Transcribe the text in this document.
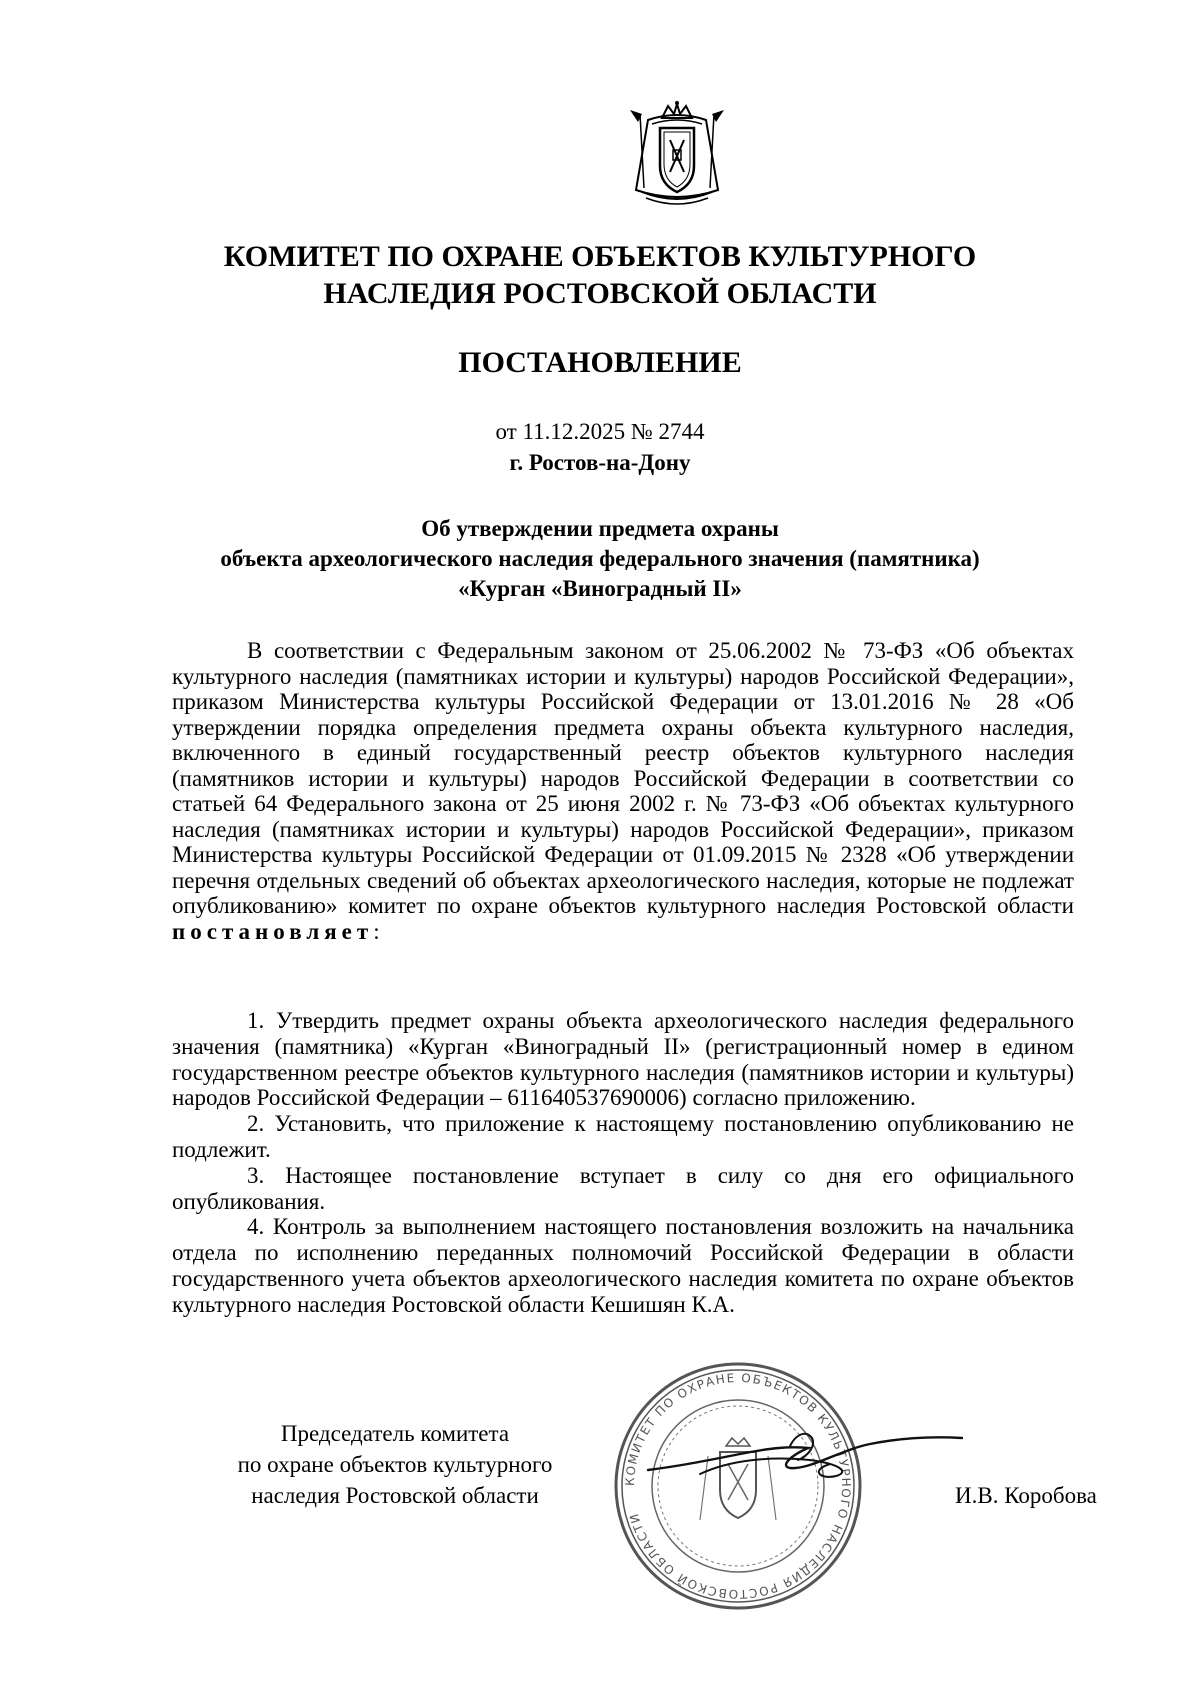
КОМИТЕТ ПО ОХРАНЕ ОБЪЕКТОВ КУЛЬТУРНОГО
НАСЛЕДИЯ РОСТОВСКОЙ ОБЛАСТИ
ПОСТАНОВЛЕНИЕ
от 11.12.2025 № 2744
г. Ростов-на-Дону
Об утверждении предмета охраны
объекта археологического наследия федерального значения (памятника)
«Курган «Виноградный II»
В соответствии с Федеральным законом от 25.06.2002 № 73-ФЗ «Об объектах культурного наследия (памятниках истории и культуры) народов Российской Федерации», приказом Министерства культуры Российской Федерации от 13.01.2016 № 28 «Об утверждении порядка определения предмета охраны объекта культурного наследия, включенного в единый государственный реестр объектов культурного наследия (памятников истории и культуры) народов Российской Федерации в соответствии со статьей 64 Федерального закона от 25 июня 2002 г. № 73-ФЗ «Об объектах культурного наследия (памятниках истории и культуры) народов Российской Федерации», приказом Министерства культуры Российской Федерации от 01.09.2015 № 2328 «Об утверждении перечня отдельных сведений об объектах археологического наследия, которые не подлежат опубликованию» комитет по охране объектов культурного наследия Ростовской области постановляет:
1. Утвердить предмет охраны объекта археологического наследия федерального значения (памятника) «Курган «Виноградный II» (регистрационный номер в едином государственном реестре объектов культурного наследия (памятников истории и культуры) народов Российской Федерации – 611640537690006) согласно приложению.
2. Установить, что приложение к настоящему постановлению опубликованию не подлежит.
3. Настоящее постановление вступает в силу со дня его официального опубликования.
4. Контроль за выполнением настоящего постановления возложить на начальника отдела по исполнению переданных полномочий Российской Федерации в области государственного учета объектов археологического наследия комитета по охране объектов культурного наследия Ростовской области Кешишян К.А.
Председатель комитета
по охране объектов культурного
наследия Ростовской области
КОМИТЕТ ПО ОХРАНЕ ОБЪЕКТОВ КУЛЬТУРНОГО НАСЛЕДИЯ РОСТОВСКОЙ ОБЛАСТИ
И.В. Коробова
